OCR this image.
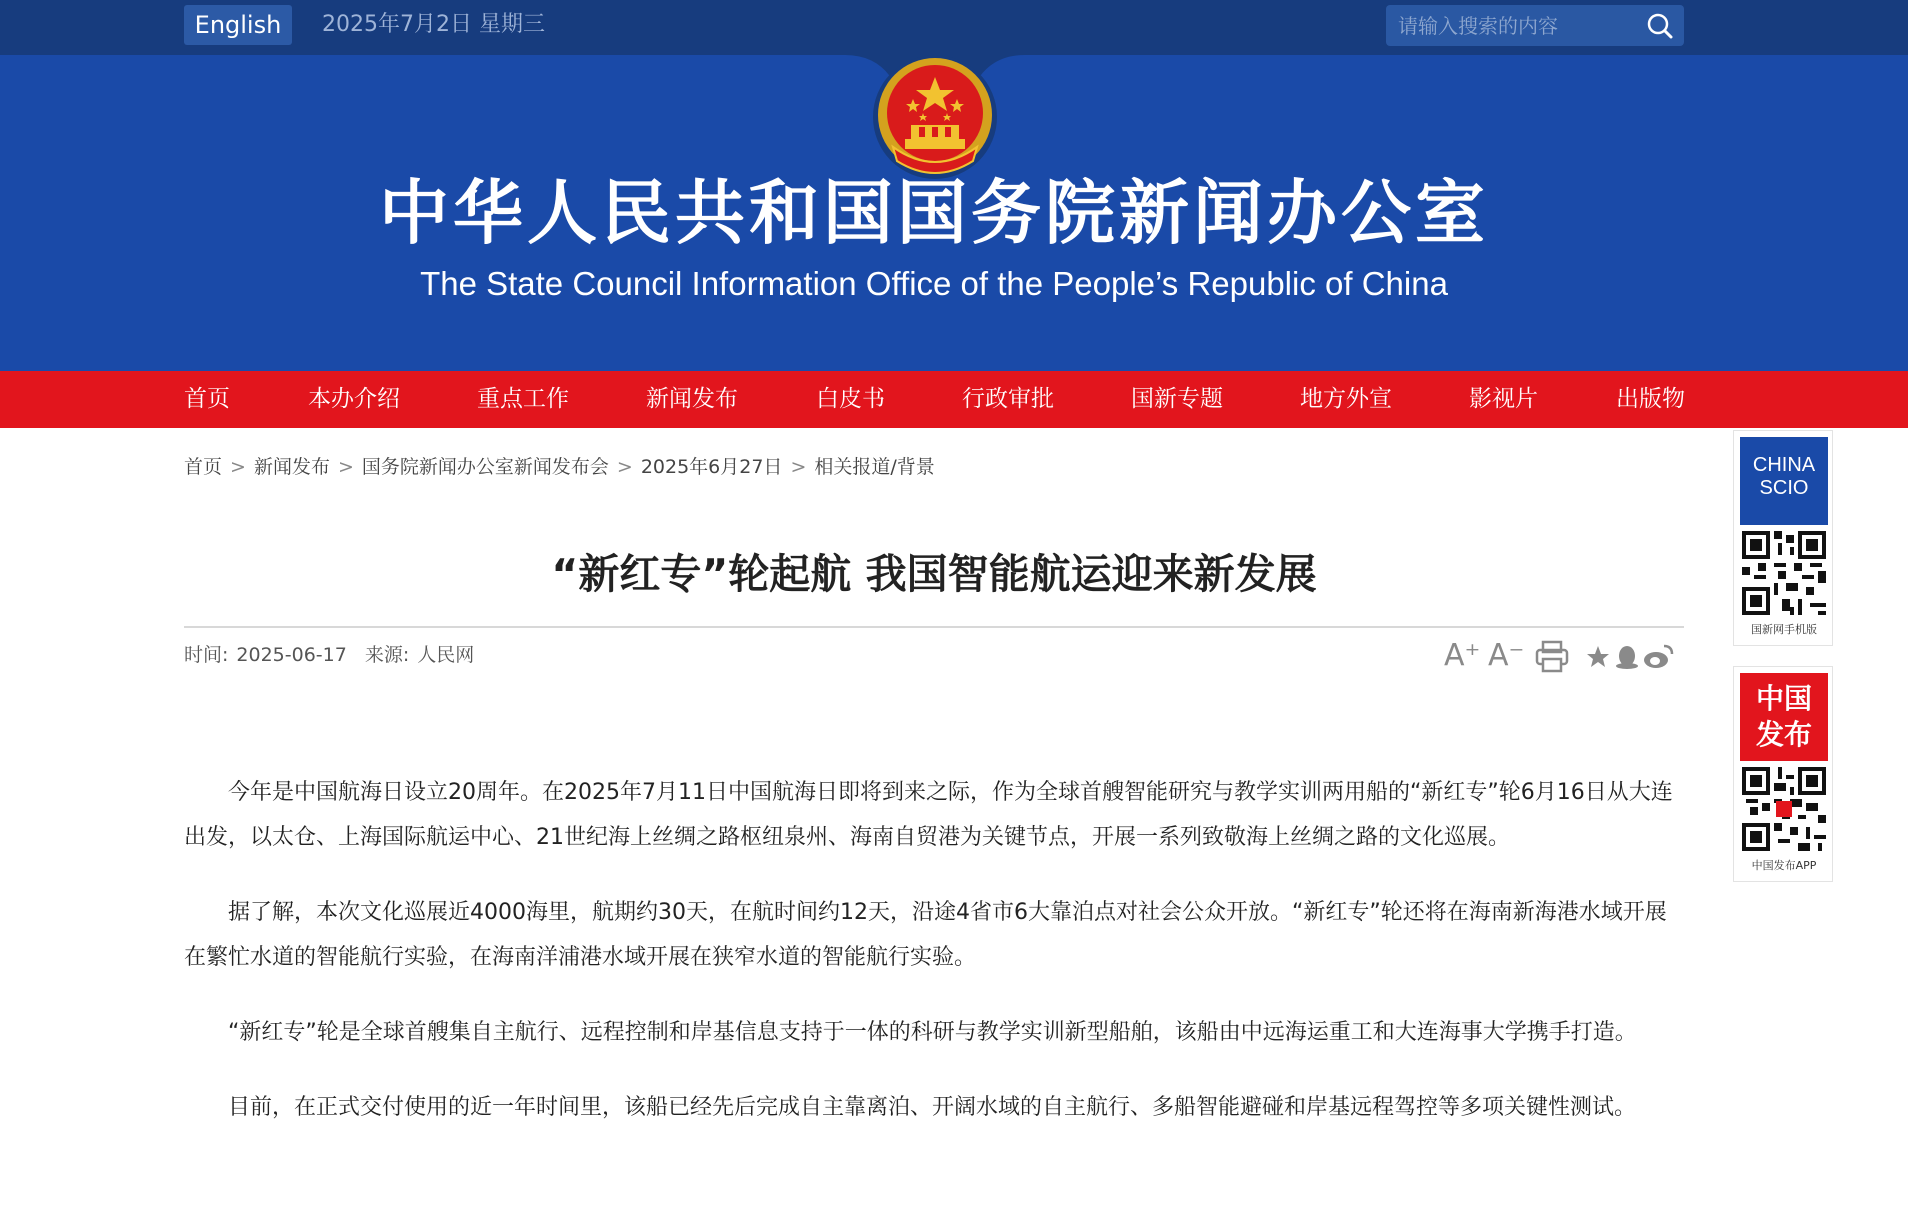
English	2025年7月2日 星期三
请输入搜索的内容
中华人民共和国国务院新闻办公室
The State Council Information Office of the People’s Republic of China
首页	本办介绍	重点工作	新闻发布	白皮书	行政审批	国新专题	地方外宣	影视片	出版物
首页 > 新闻发布 > 国务院新闻办公室新闻发布会 > 2025年6月27日 > 相关报道/背景
“新红专”轮起航 我国智能航运迎来新发展
时间: 2025-06-17 来源: 人民网	A⁺ A⁻

今年是中国航海日设立20周年。在2025年7月11日中国航海日即将到来之际，作为全球首艘智能研究与教学实训两用船的“新红专”轮6月16日从大连出发，以太仓、上海国际航运中心、21世纪海上丝绸之路枢纽泉州、海南自贸港为关键节点，开展一系列致敬海上丝绸之路的文化巡展。

据了解，本次文化巡展近4000海里，航期约30天，在航时间约12天，沿途4省市6大靠泊点对社会公众开放。“新红专”轮还将在海南新海港水域开展在繁忙水道的智能航行实验，在海南洋浦港水域开展在狭窄水道的智能航行实验。

“新红专”轮是全球首艘集自主航行、远程控制和岸基信息支持于一体的科研与教学实训新型船舶，该船由中远海运重工和大连海事大学携手打造。

目前，在正式交付使用的近一年时间里，该船已经先后完成自主靠离泊、开阔水域的自主航行、多船智能避碰和岸基远程驾控等多项关键性测试。

CHINA
SCIO
国新网手机版
中国
发布
中国发布APP
